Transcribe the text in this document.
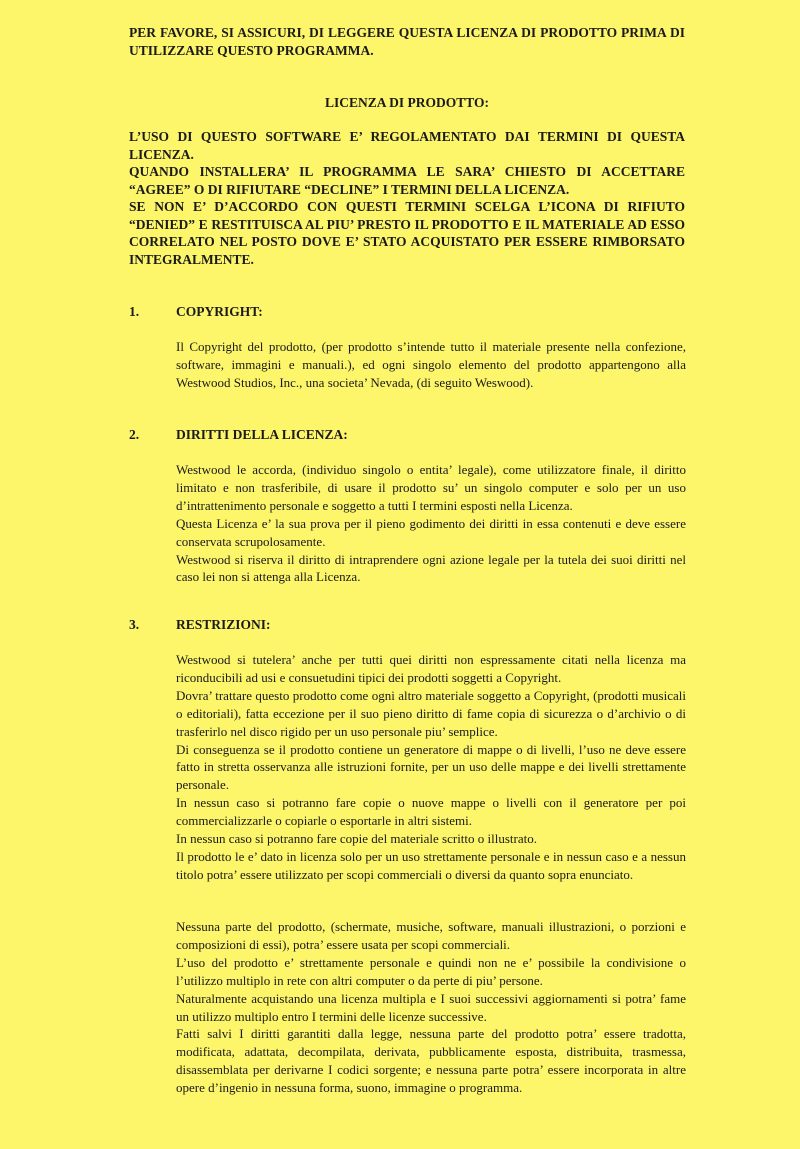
PER FAVORE, SI ASSICURI, DI LEGGERE QUESTA LICENZA DI PRODOTTO PRIMA DI UTILIZZARE QUESTO PROGRAMMA.

LICENZA DI PRODOTTO:

L’USO DI QUESTO SOFTWARE E’ REGOLAMENTATO DAI TERMINI DI QUESTA LICENZA.

QUANDO INSTALLERA’ IL PROGRAMMA LE SARA’ CHIESTO DI ACCETTARE “AGREE” O DI RIFIUTARE “DECLINE” I TERMINI DELLA LICENZA.

SE NON E’ D’ACCORDO CON QUESTI TERMINI SCELGA L’ICONA DI RIFIUTO “DENIED” E RESTITUISCA AL PIU’ PRESTO IL PRODOTTO E IL MATERIALE AD ESSO CORRELATO NEL POSTO DOVE E’ STATO ACQUISTATO PER ESSERE RIMBORSATO INTEGRALMENTE.

1.	COPYRIGHT:

Il Copyright del prodotto, (per prodotto s’intende tutto il materiale presente nella confezione, software, immagini e manuali.), ed ogni singolo elemento del prodotto appartengono alla Westwood Studios, Inc., una societa’ Nevada, (di seguito Weswood).

2.	DIRITTI DELLA LICENZA:

Westwood le accorda, (individuo singolo o entita’ legale), come utilizzatore finale, il diritto limitato e non trasferibile, di usare il prodotto su’ un singolo computer e solo per un uso d’intrattenimento personale e soggetto a tutti I termini esposti nella Licenza.

Questa Licenza e’ la sua prova per il pieno godimento dei diritti in essa contenuti e deve essere conservata scrupolosamente.

Westwood si riserva il diritto di intraprendere ogni azione legale per la tutela dei suoi diritti nel caso lei non si attenga alla Licenza.

3.	RESTRIZIONI:

Westwood si tutelera’ anche per tutti quei diritti non espressamente citati nella licenza ma riconducibili ad usi e consuetudini tipici dei prodotti soggetti a Copyright.

Dovra’ trattare questo prodotto come ogni altro materiale soggetto a Copyright, (prodotti musicali o editoriali), fatta eccezione per il suo pieno diritto di fame copia di sicurezza o d’archivio o di trasferirlo nel disco rigido per un uso personale piu’ semplice.

Di conseguenza se il prodotto contiene un generatore di mappe o di livelli, l’uso ne deve essere fatto in stretta osservanza alle istruzioni fornite, per un uso delle mappe e dei livelli strettamente personale.

In nessun caso si potranno fare copie o nuove mappe o livelli con il generatore per poi commercializzarle o copiarle o esportarle in altri sistemi.

In nessun caso si potranno fare copie del materiale scritto o illustrato.

Il prodotto le e’ dato in licenza solo per un uso strettamente personale e in nessun caso e a nessun titolo potra’ essere utilizzato per scopi commerciali o diversi da quanto sopra enunciato.

Nessuna parte del prodotto, (schermate, musiche, software, manuali illustrazioni, o porzioni e composizioni di essi), potra’ essere usata per scopi commerciali.

L’uso del prodotto e’ strettamente personale e quindi non ne e’ possibile la condivisione o l’utilizzo multiplo in rete con altri computer o da perte di piu’ persone.

Naturalmente acquistando una licenza multipla e I suoi successivi aggiornamenti si potra’ fame un utilizzo multiplo entro I termini delle licenze successive.

Fatti salvi I diritti garantiti dalla legge, nessuna parte del prodotto potra’ essere tradotta, modificata, adattata, decompilata, derivata, pubblicamente esposta, distribuita, trasmessa, disassemblata per derivarne I codici sorgente; e nessuna parte potra’ essere incorporata in altre opere d’ingenio in nessuna forma, suono, immagine o programma.
